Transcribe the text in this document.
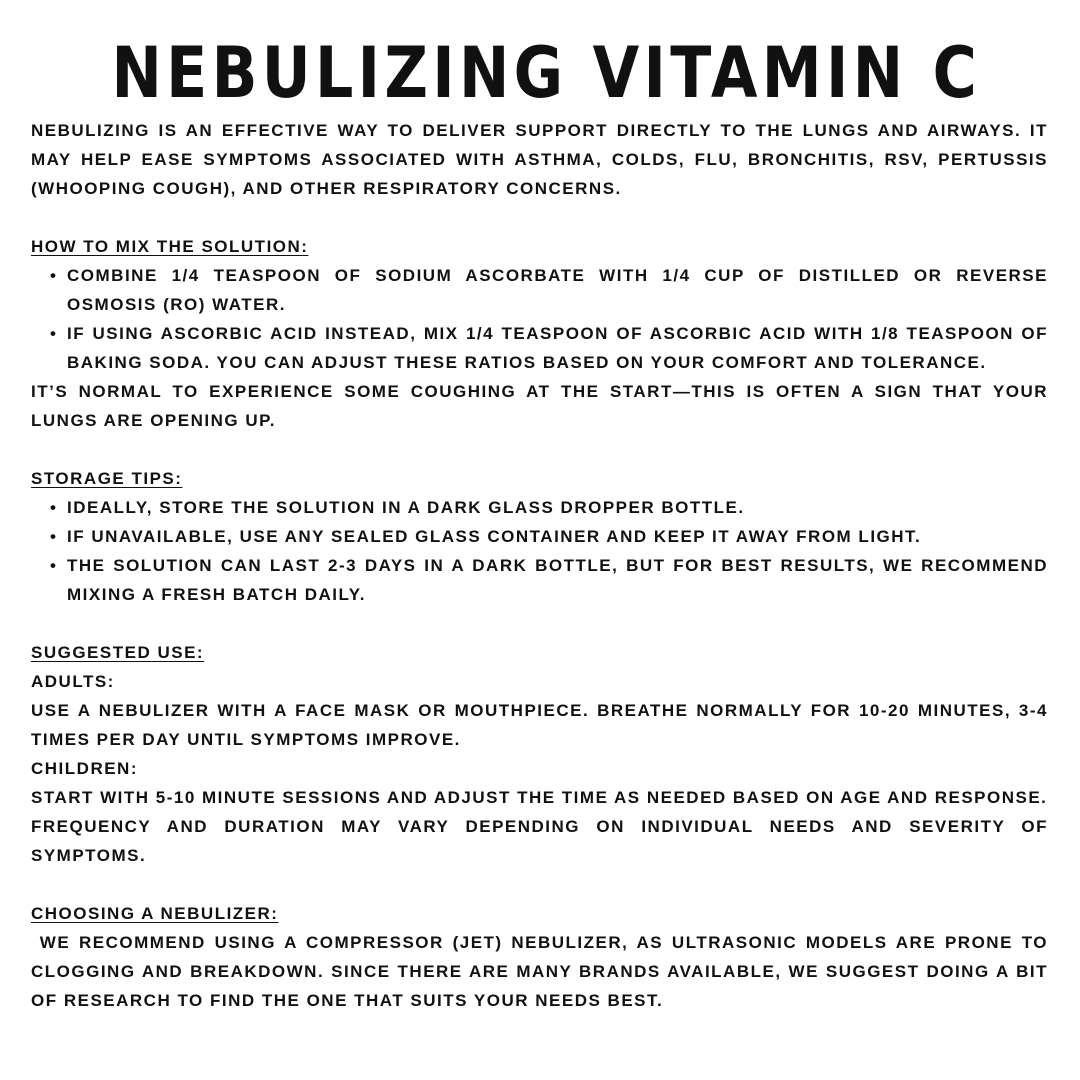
NEBULIZING VITAMIN C

NEBULIZING IS AN EFFECTIVE WAY TO DELIVER SUPPORT DIRECTLY TO THE LUNGS AND AIRWAYS. IT MAY HELP EASE SYMPTOMS ASSOCIATED WITH ASTHMA, COLDS, FLU, BRONCHITIS, RSV, PERTUSSIS (WHOOPING COUGH), AND OTHER RESPIRATORY CONCERNS.

HOW TO MIX THE SOLUTION:

• COMBINE 1/4 TEASPOON OF SODIUM ASCORBATE WITH 1/4 CUP OF DISTILLED OR REVERSE OSMOSIS (RO) WATER.
• IF USING ASCORBIC ACID INSTEAD, MIX 1/4 TEASPOON OF ASCORBIC ACID WITH 1/8 TEASPOON OF BAKING SODA. YOU CAN ADJUST THESE RATIOS BASED ON YOUR COMFORT AND TOLERANCE.

IT’S NORMAL TO EXPERIENCE SOME COUGHING AT THE START—THIS IS OFTEN A SIGN THAT YOUR LUNGS ARE OPENING UP.

STORAGE TIPS:

• IDEALLY, STORE THE SOLUTION IN A DARK GLASS DROPPER BOTTLE.
• IF UNAVAILABLE, USE ANY SEALED GLASS CONTAINER AND KEEP IT AWAY FROM LIGHT.
• THE SOLUTION CAN LAST 2-3 DAYS IN A DARK BOTTLE, BUT FOR BEST RESULTS, WE RECOMMEND MIXING A FRESH BATCH DAILY.

SUGGESTED USE:

ADULTS:

USE A NEBULIZER WITH A FACE MASK OR MOUTHPIECE. BREATHE NORMALLY FOR 10-20 MINUTES, 3-4 TIMES PER DAY UNTIL SYMPTOMS IMPROVE.

CHILDREN:

START WITH 5-10 MINUTE SESSIONS AND ADJUST THE TIME AS NEEDED BASED ON AGE AND RESPONSE.

FREQUENCY AND DURATION MAY VARY DEPENDING ON INDIVIDUAL NEEDS AND SEVERITY OF SYMPTOMS.

CHOOSING A NEBULIZER:

WE RECOMMEND USING A COMPRESSOR (JET) NEBULIZER, AS ULTRASONIC MODELS ARE PRONE TO CLOGGING AND BREAKDOWN. SINCE THERE ARE MANY BRANDS AVAILABLE, WE SUGGEST DOING A BIT OF RESEARCH TO FIND THE ONE THAT SUITS YOUR NEEDS BEST.
